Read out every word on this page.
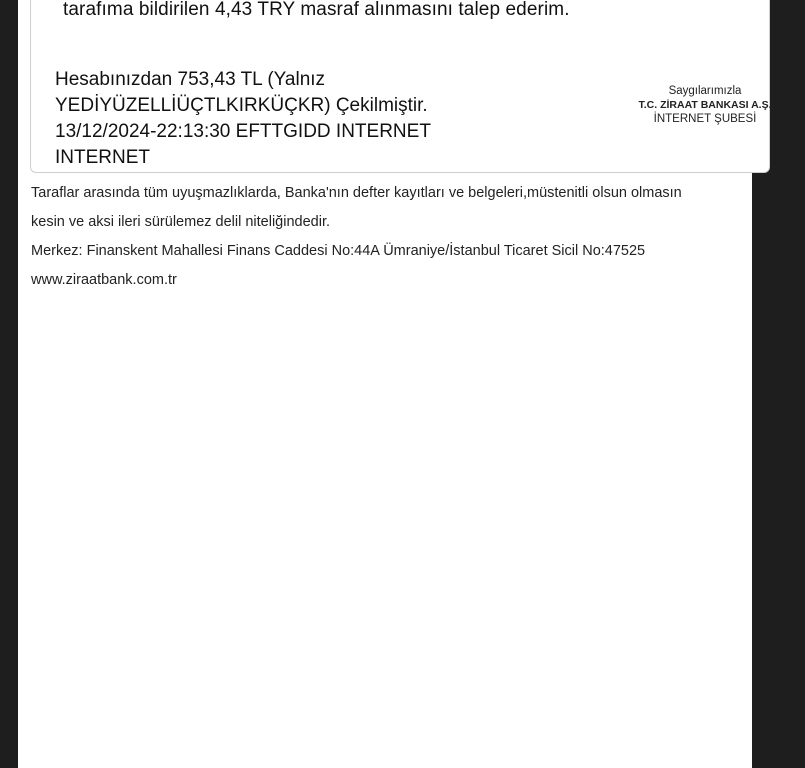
tarafıma bildirilen 4,43 TRY masraf alınmasını talep ederim.
Hesabınızdan 753,43 TL (Yalnız
YEDİYÜZELLİÜÇTLKIRKÜÇKR) Çekilmiştir.
13/12/2024-22:13:30 EFTTGIDD INTERNET
INTERNET
Saygılarımızla
T.C. ZİRAAT BANKASI A.Ş.
İNTERNET ŞUBESİ
Taraflar arasında tüm uyuşmazlıklarda, Banka'nın defter kayıtları ve belgeleri,müstenitli olsun olmasın
kesin ve aksi ileri sürülemez delil niteliğindedir.
Merkez: Finanskent Mahallesi Finans Caddesi No:44A Ümraniye/İstanbul Ticaret Sicil No:47525
www.ziraatbank.com.tr
